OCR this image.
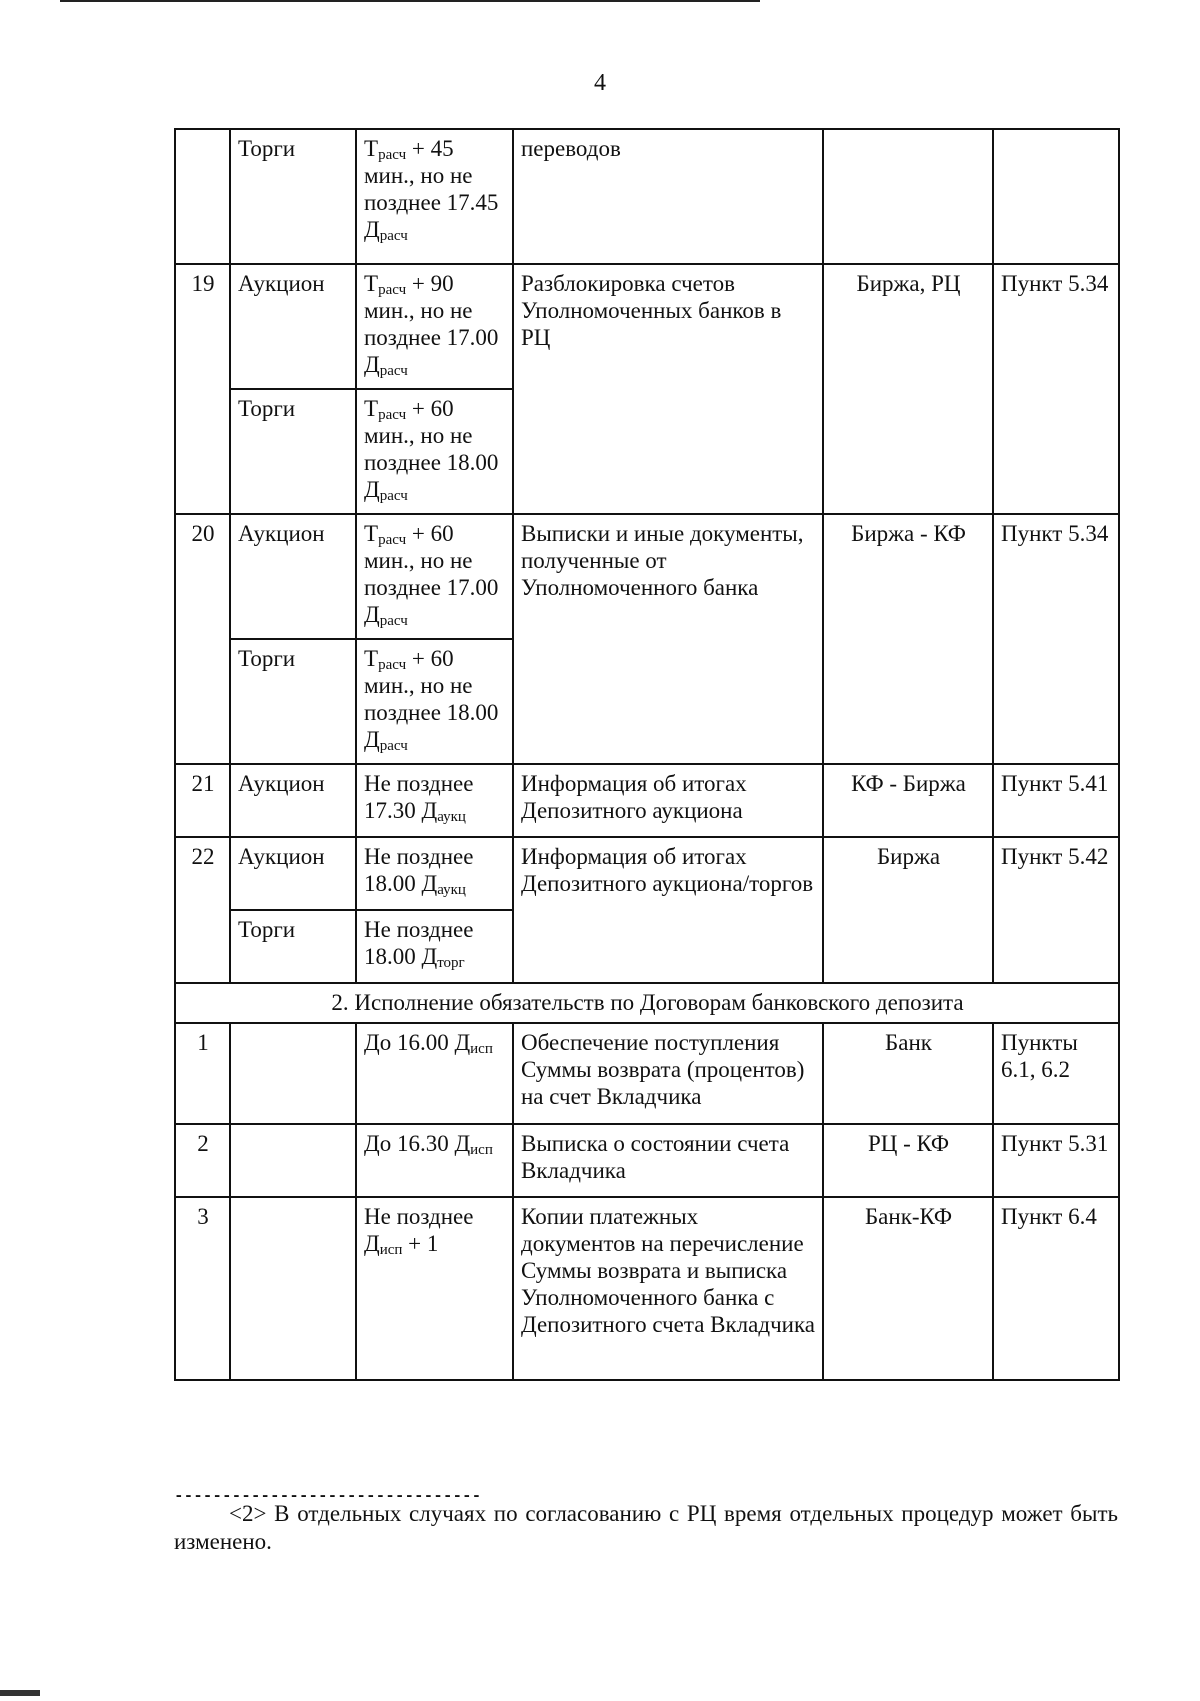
4
	Торги	$Т_{расч} + 45$ мин., но не позднее 17.45 $Д_{расч}$	переводов		
19	Аукцион	$Т_{расч} + 90$ мин., но не позднее 17.00 $Д_{расч}$	Разблокировка счетов Уполномоченных банков в РЦ	Биржа, РЦ	Пункт 5.34
	Торги	$Т_{расч} + 60$ мин., но не позднее 18.00 $Д_{расч}$
20	Аукцион	$Т_{расч} + 60$ мин., но не позднее 17.00 $Д_{расч}$	Выписки и иные документы, полученные от Уполномоченного банка	Биржа - КФ	Пункт 5.34
	Торги	$Т_{расч} + 60$ мин., но не позднее 18.00 $Д_{расч}$
21	Аукцион	Не позднее 17.30 $Д_{аукц}$	Информация об итогах Депозитного аукциона	КФ - Биржа	Пункт 5.41
22	Аукцион	Не позднее 18.00 $Д_{аукц}$	Информация об итогах Депозитного аукциона/торгов	Биржа	Пункт 5.42
	Торги	Не позднее 18.00 $Д_{торг}$
2. Исполнение обязательств по Договорам банковского депозита					
1		До 16.00 $Д_{исп}$	Обеспечение поступления Суммы возврата (процентов) на счет Вкладчика	Банк	Пункты 6.1, 6.2
2		До 16.30 $Д_{исп}$	Выписка о состоянии счета Вкладчика	РЦ - КФ	Пункт 5.31
3		Не позднее $Д_{исп} + 1$	Копии платежных документов на перечисление Суммы возврата и выписка Уполномоченного банка с Депозитного счета Вкладчика	Банк-КФ	Пункт 6.4
--------------------------------
<2> В отдельных случаях по согласованию с РЦ время отдельных процедур может быть изменено.
